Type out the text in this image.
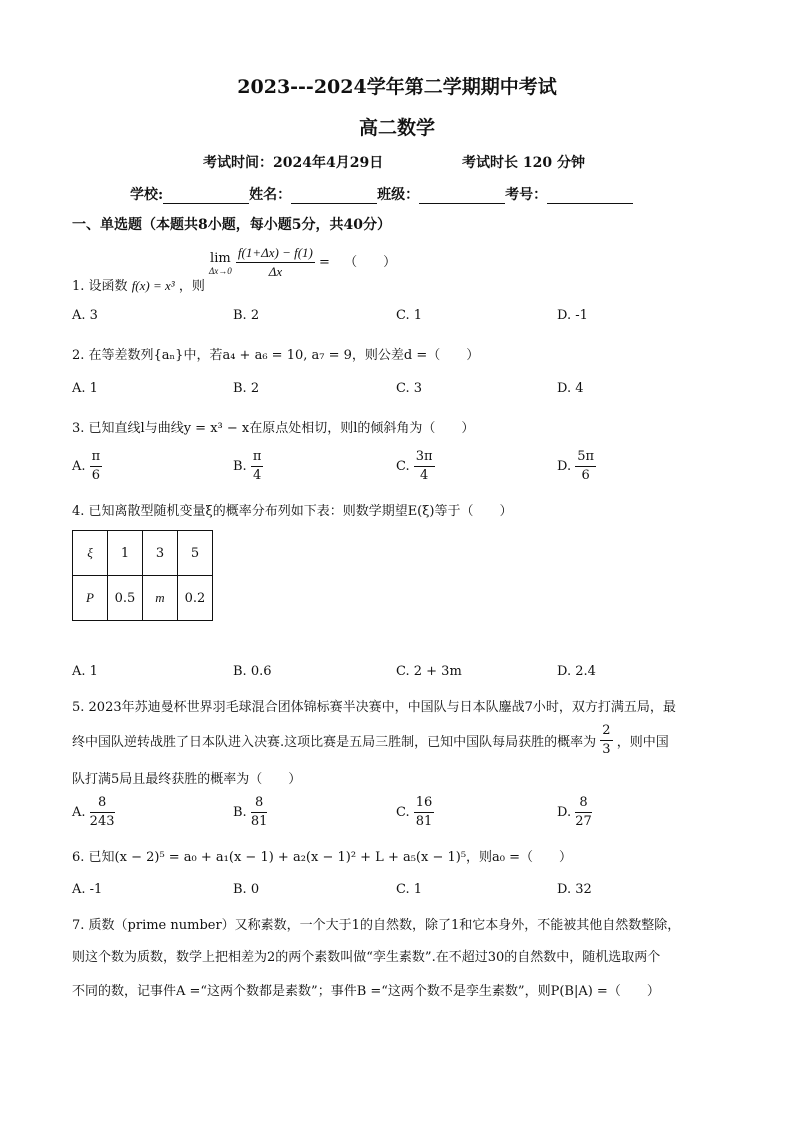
2023---2024学年第二学期期中考试
高二数学
考试时间：2024年4月29日	考试时长 120 分钟
学校:	姓名：	班级：	考号：
一、单选题（本题共8小题，每小题5分，共40分）
1. 设函数 f(x) = x³ ，则
lim
Δx→0
$\frac{f(1+\Delta x) - f(1)}{\Delta x}$ = （　　）
A. 3	B. 2	C. 1	D. -1
2. 在等差数列{aₙ}中，若a₄ + a₆ = 10, a₇ = 9，则公差d =（　　）
A. 1	B. 2	C. 3	D. 4
3. 已知直线l与曲线y = x³ − x在原点处相切，则l的倾斜角为（　　）
A. $\frac{\pi}{6}$	B. $\frac{\pi}{4}$	C. $\frac{3\pi}{4}$	D. $\frac{5\pi}{6}$
4. 已知离散型随机变量ξ的概率分布列如下表：则数学期望E(ξ)等于（　　）
ξ	1	3	5
P	0.5	m	0.2
A. 1	B. 0.6	C. 2 + 3m	D. 2.4
5. 2023年苏迪曼杯世界羽毛球混合团体锦标赛半决赛中，中国队与日本队鏖战7小时，双方打满五局，最
终中国队逆转战胜了日本队进入决赛.这项比赛是五局三胜制，已知中国队每局获胜的概率为 $\frac{2}{3}$ ，则中国
队打满5局且最终获胜的概率为（　　）
A. $\frac{8}{243}$	B. $\frac{8}{81}$	C. $\frac{16}{81}$	D. $\frac{8}{27}$
6. 已知(x − 2)⁵ = a₀ + a₁(x − 1) + a₂(x − 1)² + L + a₅(x − 1)⁵，则a₀ =（　　）
A. -1	B. 0	C. 1	D. 32
7. 质数（prime number）又称素数，一个大于1的自然数，除了1和它本身外，不能被其他自然数整除，
则这个数为质数，数学上把相差为2的两个素数叫做“孪生素数”.在不超过30的自然数中，随机选取两个
不同的数，记事件A =“这两个数都是素数”；事件B =“这两个数不是孪生素数”，则P(B|A) =（　　）
